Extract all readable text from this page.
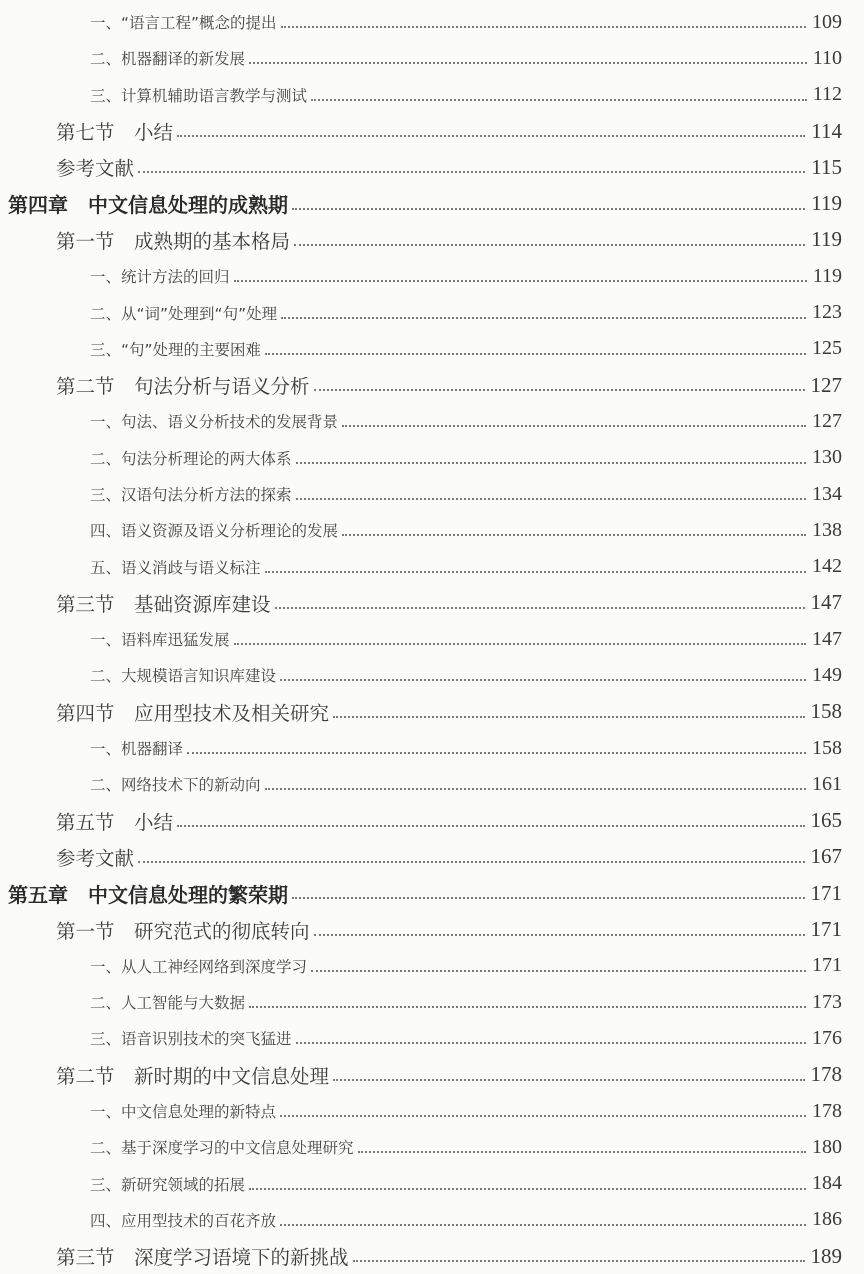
一、“语言工程”概念的提出	109
二、机器翻译的新发展	110
三、计算机辅助语言教学与测试	112
第七节　小结	114
参考文献	115
第四章　中文信息处理的成熟期	119
第一节　成熟期的基本格局	119
一、统计方法的回归	119
二、从“词”处理到“句”处理	123
三、“句”处理的主要困难	125
第二节　句法分析与语义分析	127
一、句法、语义分析技术的发展背景	127
二、句法分析理论的两大体系	130
三、汉语句法分析方法的探索	134
四、语义资源及语义分析理论的发展	138
五、语义消歧与语义标注	142
第三节　基础资源库建设	147
一、语料库迅猛发展	147
二、大规模语言知识库建设	149
第四节　应用型技术及相关研究	158
一、机器翻译	158
二、网络技术下的新动向	161
第五节　小结	165
参考文献	167
第五章　中文信息处理的繁荣期	171
第一节　研究范式的彻底转向	171
一、从人工神经网络到深度学习	171
二、人工智能与大数据	173
三、语音识别技术的突飞猛进	176
第二节　新时期的中文信息处理	178
一、中文信息处理的新特点	178
二、基于深度学习的中文信息处理研究	180
三、新研究领域的拓展	184
四、应用型技术的百花齐放	186
第三节　深度学习语境下的新挑战	189
